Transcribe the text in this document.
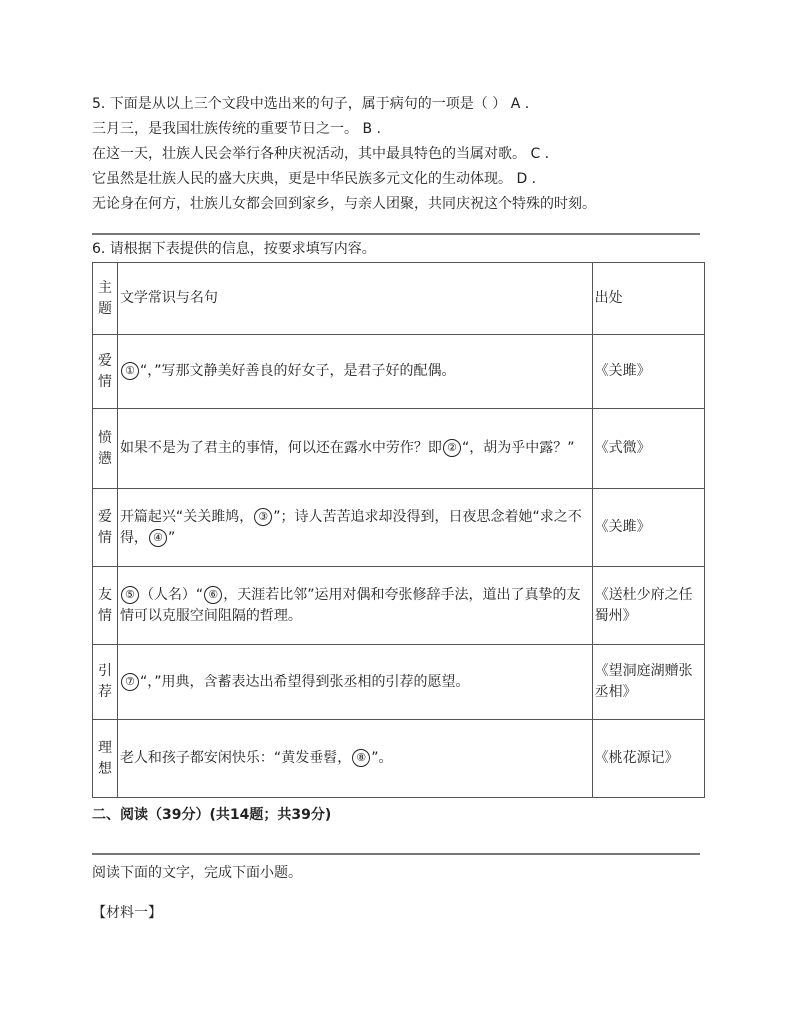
5. 下面是从以上三个文段中选出来的句子，属于病句的一项是（ ） A .
三月三，是我国壮族传统的重要节日之一。 B .
在这一天，壮族人民会举行各种庆祝活动，其中最具特色的当属对歌。 C .
它虽然是壮族人民的盛大庆典，更是中华民族多元文化的生动体现。 D .
无论身在何方，壮族儿女都会回到家乡，与亲人团聚，共同庆祝这个特殊的时刻。
6. 请根据下表提供的信息，按要求填写内容。
主题	文学常识与名句	出处
爱情	① “，”写那文静美好善良的好女子，是君子好的配偶。	《关雎》
愤懑	如果不是为了君主的事情，何以还在露水中劳作？即 ② “，胡为乎中露？”	《式微》
爱情	开篇起兴“关关雎鸠， ③ ”；诗人苦苦追求却没得到，日夜思念着她“求之不得， ④ ”	《关雎》
友情	⑤ （人名）“ ⑥ ，天涯若比邻”运用对偶和夸张修辞手法，道出了真挚的友情可以克服空间阻隔的哲理。	《送杜少府之任蜀州》
引荐	⑦ “，”用典，含蓄表达出希望得到张丞相的引荐的愿望。	《望洞庭湖赠张丞相》
理想	老人和孩子都安闲快乐：“黄发垂髫， ⑧ ”。	《桃花源记》
二、阅读（39分）(共14题；共39分)
阅读下面的文字，完成下面小题。
【材料一】
